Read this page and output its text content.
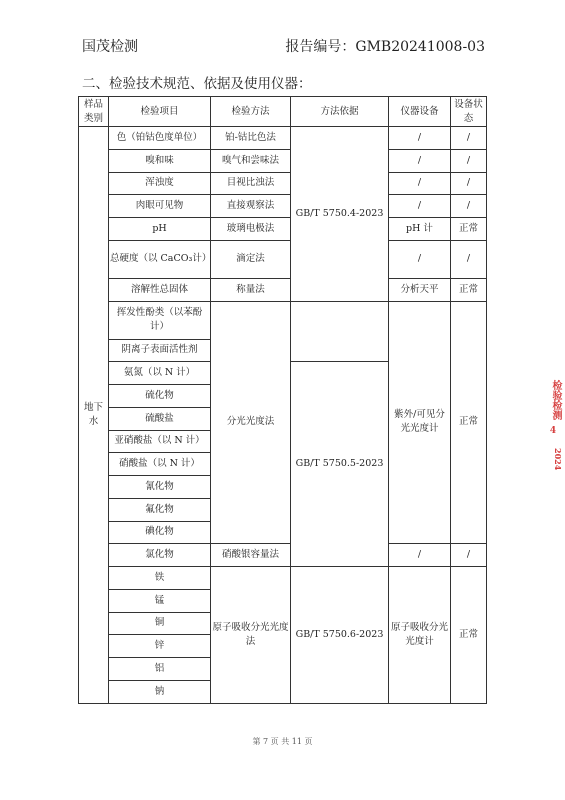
国茂检测	报告编号：GMB20241008-03
二、检验技术规范、依据及使用仪器：
样品类别	检验项目	检验方法	方法依据	仪器设备	设备状态
地下水	色（铂钴色度单位）	铂-钴比色法	GB/T 5750.4-2023	/	/
	嗅和味	嗅气和尝味法		/	/
	浑浊度	目视比浊法		/	/
	肉眼可见物	直接观察法		/	/
	pH	玻璃电极法		pH 计	正常
	总硬度（以 CaCO₃计）	滴定法		/	/
	溶解性总固体	称量法		分析天平	正常
	挥发性酚类（以苯酚计）	分光光度法		紫外/可见分光光度计	正常
	阴离子表面活性剂				
	氨氮（以 N 计）		GB/T 5750.5-2023		
	硫化物				
	硫酸盐				
	亚硝酸盐（以 N 计）				
	硝酸盐（以 N 计）				
	氰化物				
	氟化物				
	碘化物				
	氯化物	硝酸银容量法		/	/
	铁	原子吸收分光光度法	GB/T 5750.6-2023	原子吸收分光光度计	正常
	锰				
	铜				
	锌				
	铝				
	钠				
第 7 页 共 11 页
检验检测
4
2024
